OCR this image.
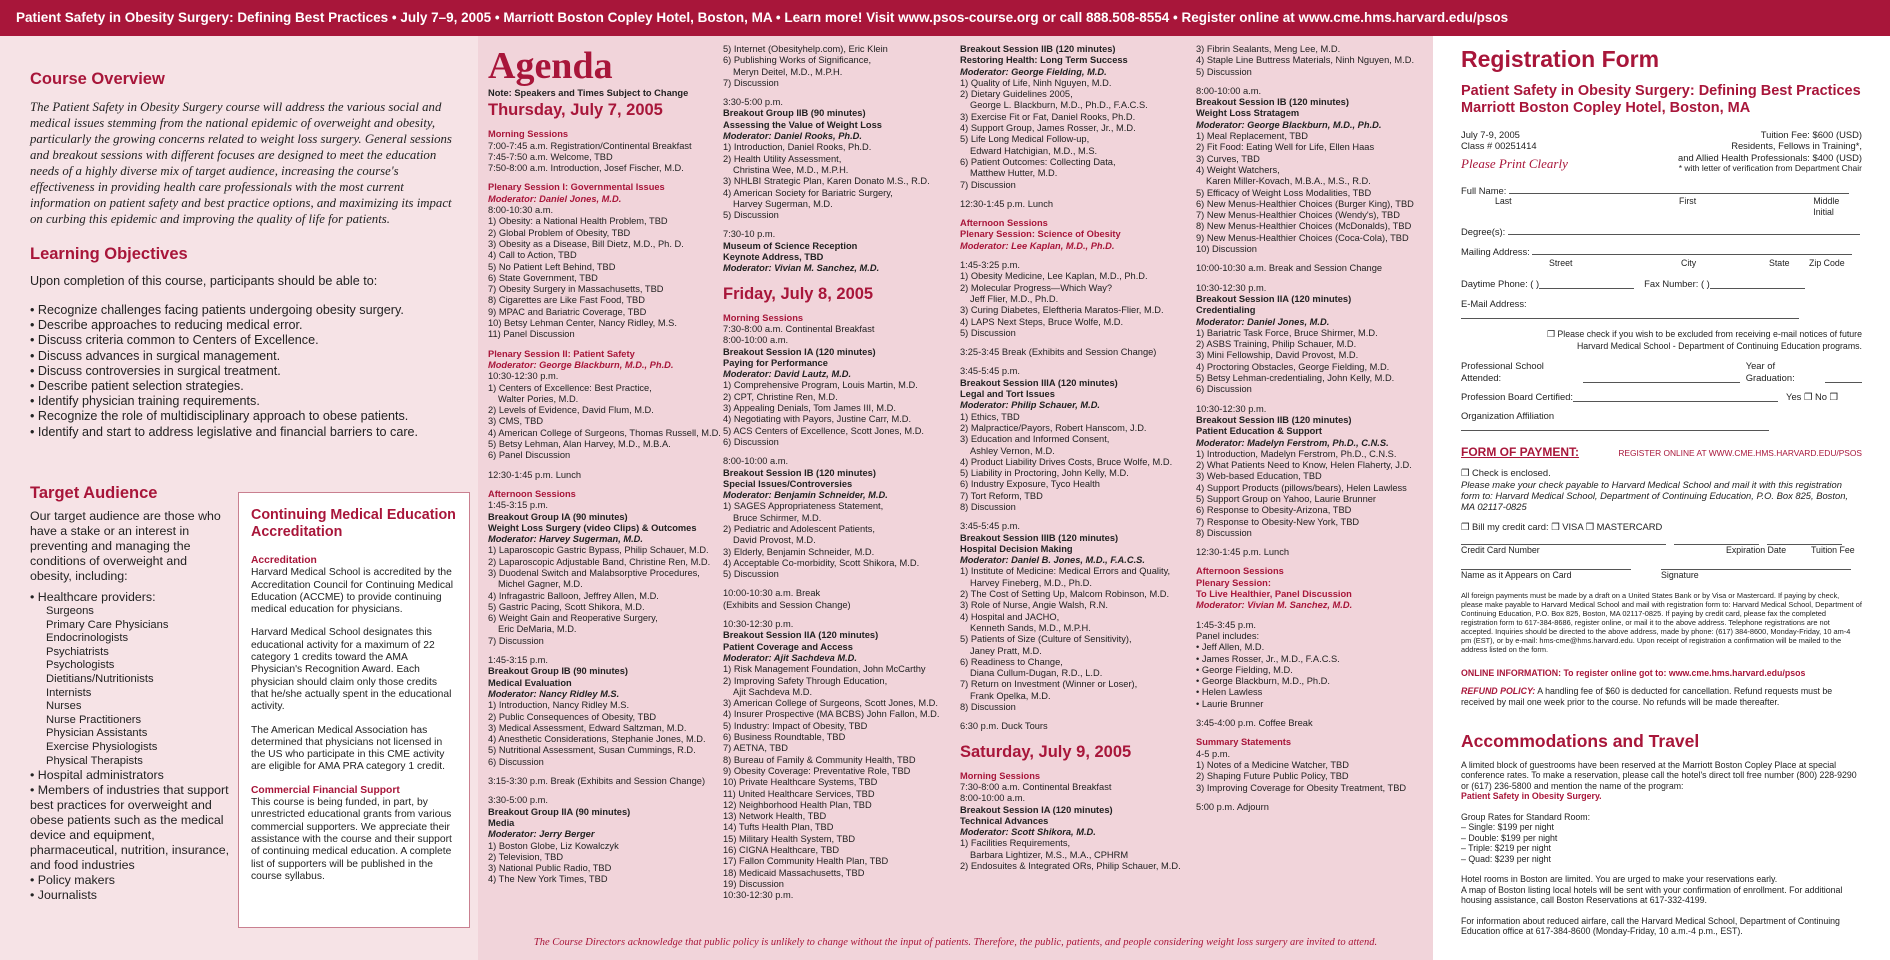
Patient Safety in Obesity Surgery: Defining Best Practices • July 7–9, 2005 • Marriott Boston Copley Hotel, Boston, MA • Learn more! Visit www.psos-course.org or call 888.508-8554 • Register online at www.cme.hms.harvard.edu/psos
Course Overview

The Patient Safety in Obesity Surgery course will address the various social and medical issues stemming from the national epidemic of overweight and obesity, particularly the growing concerns related to weight loss surgery. General sessions and breakout sessions with different focuses are designed to meet the education needs of a highly diverse mix of target audience, increasing the course's effectiveness in providing health care professionals with the most current information on patient safety and best practice options, and maximizing its impact on curbing this epidemic and improving the quality of life for patients.

Learning Objectives

Upon completion of this course, participants should be able to:

• Recognize challenges facing patients undergoing obesity surgery.
• Describe approaches to reducing medical error.
• Discuss criteria common to Centers of Excellence.
• Discuss advances in surgical management.
• Discuss controversies in surgical treatment.
• Describe patient selection strategies.
• Identify physician training requirements.
• Recognize the role of multidisciplinary approach to obese patients.
• Identify and start to address legislative and financial barriers to care.
Target Audience

Our target audience are those who have a stake or an interest in preventing and managing the conditions of overweight and obesity, including:

• Healthcare providers:
Surgeons
Primary Care Physicians
Endocrinologists
Psychiatrists
Psychologists
Dietitians/Nutritionists
Internists
Nurses
Nurse Practitioners
Physician Assistants
Exercise Physiologists
Physical Therapists
• Hospital administrators
• Members of industries that support best practices for overweight and obese patients such as the medical device and equipment, pharmaceutical, nutrition, insurance, and food industries
• Policy makers
• Journalists
Continuing Medical Education Accreditation

Accreditation

Harvard Medical School is accredited by the Accreditation Council for Continuing Medical Education (ACCME) to provide continuing medical education for physicians.

Harvard Medical School designates this educational activity for a maximum of 22 category 1 credits toward the AMA Physician's Recognition Award. Each physician should claim only those credits that he/she actually spent in the educational activity.

The American Medical Association has determined that physicians not licensed in the US who participate in this CME activity are eligible for AMA PRA category 1 credit.

Commercial Financial Support

This course is being funded, in part, by unrestricted educational grants from various commercial supporters. We appreciate their assistance with the course and their support of continuing medical education. A complete list of supporters will be published in the course syllabus.

Agenda
Note: Speakers and Times Subject to Change
Thursday, July 7, 2005
Morning Sessions
7:00-7:45 a.m. Registration/Continental Breakfast
7:45-7:50 a.m. Welcome, TBD
7:50-8:00 a.m. Introduction, Josef Fischer, M.D.
Plenary Session I: Governmental Issues
Moderator: Daniel Jones, M.D.
8:00-10:30 a.m.
1) Obesity: a National Health Problem, TBD
2) Global Problem of Obesity, TBD
3) Obesity as a Disease, Bill Dietz, M.D., Ph. D.
4) Call to Action, TBD
5) No Patient Left Behind, TBD
6) State Government, TBD
7) Obesity Surgery in Massachusetts, TBD
8) Cigarettes are Like Fast Food, TBD
9) MPAC and Bariatric Coverage, TBD
10) Betsy Lehman Center, Nancy Ridley, M.S.
11) Panel Discussion
Plenary Session II: Patient Safety
Moderator: George Blackburn, M.D., Ph.D.
10:30-12:30 p.m.
1) Centers of Excellence: Best Practice,
Walter Pories, M.D.
2) Levels of Evidence, David Flum, M.D.
3) CMS, TBD
4) American College of Surgeons, Thomas Russell, M.D.
5) Betsy Lehman, Alan Harvey, M.D., M.B.A.
6) Panel Discussion
12:30-1:45 p.m. Lunch
Afternoon Sessions
1:45-3:15 p.m.
Breakout Group IA (90 minutes)
Weight Loss Surgery (video Clips) & Outcomes
Moderator: Harvey Sugerman, M.D.
1) Laparoscopic Gastric Bypass, Philip Schauer, M.D.
2) Laparoscopic Adjustable Band, Christine Ren, M.D.
3) Duodenal Switch and Malabsorptive Procedures,
Michel Gagner, M.D.
4) Infragastric Balloon, Jeffrey Allen, M.D.
5) Gastric Pacing, Scott Shikora, M.D.
6) Weight Gain and Reoperative Surgery,
Eric DeMaria, M.D.
7) Discussion
1:45-3:15 p.m.
Breakout Group IB (90 minutes)
Medical Evaluation
Moderator: Nancy Ridley M.S.
1) Introduction, Nancy Ridley M.S.
2) Public Consequences of Obesity, TBD
3) Medical Assessment, Edward Saltzman, M.D.
4) Anesthetic Considerations, Stephanie Jones, M.D.
5) Nutritional Assessment, Susan Cummings, R.D.
6) Discussion
3:15-3:30 p.m. Break (Exhibits and Session Change)
3:30-5:00 p.m.
Breakout Group IIA (90 minutes)
Media
Moderator: Jerry Berger
1) Boston Globe, Liz Kowalczyk
2) Television, TBD
3) National Public Radio, TBD
4) The New York Times, TBD
5) Internet (Obesityhelp.com), Eric Klein
6) Publishing Works of Significance,
Meryn Deitel, M.D., M.P.H.
7) Discussion
3:30-5:00 p.m.
Breakout Group IIB (90 minutes)
Assessing the Value of Weight Loss
Moderator: Daniel Rooks, Ph.D.
1) Introduction, Daniel Rooks, Ph.D.
2) Health Utility Assessment,
Christina Wee, M.D., M.P.H.
3) NHLBI Strategic Plan, Karen Donato M.S., R.D.
4) American Society for Bariatric Surgery,
Harvey Sugerman, M.D.
5) Discussion
7:30-10 p.m.
Museum of Science Reception
Keynote Address, TBD
Moderator: Vivian M. Sanchez, M.D.
Friday, July 8, 2005
Morning Sessions
7:30-8:00 a.m. Continental Breakfast
8:00-10:00 a.m.
Breakout Session IA (120 minutes)
Paying for Performance
Moderator: David Lautz, M.D.
1) Comprehensive Program, Louis Martin, M.D.
2) CPT, Christine Ren, M.D.
3) Appealing Denials, Tom James III, M.D.
4) Negotiating with Payors, Justine Carr, M.D.
5) ACS Centers of Excellence, Scott Jones, M.D.
6) Discussion
8:00-10:00 a.m.
Breakout Session IB (120 minutes)
Special Issues/Controversies
Moderator: Benjamin Schneider, M.D.
1) SAGES Appropriateness Statement,
Bruce Schirmer, M.D.
2) Pediatric and Adolescent Patients,
David Provost, M.D.
3) Elderly, Benjamin Schneider, M.D.
4) Acceptable Co-morbidity, Scott Shikora, M.D.
5) Discussion
10:00-10:30 a.m. Break
(Exhibits and Session Change)
10:30-12:30 p.m.
Breakout Session IIA (120 minutes)
Patient Coverage and Access
Moderator: Ajit Sachdeva M.D.
1) Risk Management Foundation, John McCarthy
2) Improving Safety Through Education,
Ajit Sachdeva M.D.
3) American College of Surgeons, Scott Jones, M.D.
4) Insurer Prospective (MA BCBS) John Fallon, M.D.
5) Industry: Impact of Obesity, TBD
6) Business Roundtable, TBD
7) AETNA, TBD
8) Bureau of Family & Community Health, TBD
9) Obesity Coverage: Preventative Role, TBD
10) Private Healthcare Systems, TBD
11) United Healthcare Services, TBD
12) Neighborhood Health Plan, TBD
13) Network Health, TBD
14) Tufts Health Plan, TBD
15) Military Health System, TBD
16) CIGNA Healthcare, TBD
17) Fallon Community Health Plan, TBD
18) Medicaid Massachusetts, TBD
19) Discussion
10:30-12:30 p.m.
Breakout Session IIB (120 minutes)
Restoring Health: Long Term Success
Moderator: George Fielding, M.D.
1) Quality of Life, Ninh Nguyen, M.D.
2) Dietary Guidelines 2005,
George L. Blackburn, M.D., Ph.D., F.A.C.S.
3) Exercise Fit or Fat, Daniel Rooks, Ph.D.
4) Support Group, James Rosser, Jr., M.D.
5) Life Long Medical Follow-up,
Edward Hatchigian, M.D., M.S.
6) Patient Outcomes: Collecting Data,
Matthew Hutter, M.D.
7) Discussion
12:30-1:45 p.m. Lunch
Afternoon Sessions
Plenary Session: Science of Obesity
Moderator: Lee Kaplan, M.D., Ph.D.
1:45-3:25 p.m.
1) Obesity Medicine, Lee Kaplan, M.D., Ph.D.
2) Molecular Progress—Which Way?
Jeff Flier, M.D., Ph.D.
3) Curing Diabetes, Eleftheria Maratos-Flier, M.D.
4) LAPS Next Steps, Bruce Wolfe, M.D.
5) Discussion
3:25-3:45 Break (Exhibits and Session Change)
3:45-5:45 p.m.
Breakout Session IIIA (120 minutes)
Legal and Tort Issues
Moderator: Philip Schauer, M.D.
1) Ethics, TBD
2) Malpractice/Payors, Robert Hanscom, J.D.
3) Education and Informed Consent,
Ashley Vernon, M.D.
4) Product Liability Drives Costs, Bruce Wolfe, M.D.
5) Liability in Proctoring, John Kelly, M.D.
6) Industry Exposure, Tyco Health
7) Tort Reform, TBD
8) Discussion
3:45-5:45 p.m.
Breakout Session IIIB (120 minutes)
Hospital Decision Making
Moderator: Daniel B. Jones, M.D., F.A.C.S.
1) Institute of Medicine: Medical Errors and Quality,
Harvey Fineberg, M.D., Ph.D.
2) The Cost of Setting Up, Malcom Robinson, M.D.
3) Role of Nurse, Angie Walsh, R.N.
4) Hospital and JACHO,
Kenneth Sands, M.D., M.P.H.
5) Patients of Size (Culture of Sensitivity),
Janey Pratt, M.D.
6) Readiness to Change,
Diana Cullum-Dugan, R.D., L.D.
7) Return on Investment (Winner or Loser),
Frank Opelka, M.D.
8) Discussion
6:30 p.m. Duck Tours
Saturday, July 9, 2005
Morning Sessions
7:30-8:00 a.m. Continental Breakfast
8:00-10:00 a.m.
Breakout Session IA (120 minutes)
Technical Advances
Moderator: Scott Shikora, M.D.
1) Facilities Requirements,
Barbara Lightizer, M.S., M.A., CPHRM
2) Endosuites & Integrated ORs, Philip Schauer, M.D.
3) Fibrin Sealants, Meng Lee, M.D.
4) Staple Line Buttress Materials, Ninh Nguyen, M.D.
5) Discussion
8:00-10:00 a.m.
Breakout Session IB (120 minutes)
Weight Loss Stratagem
Moderator: George Blackburn, M.D., Ph.D.
1) Meal Replacement, TBD
2) Fit Food: Eating Well for Life, Ellen Haas
3) Curves, TBD
4) Weight Watchers,
Karen Miller-Kovach, M.B.A., M.S., R.D.
5) Efficacy of Weight Loss Modalities, TBD
6) New Menus-Healthier Choices (Burger King), TBD
7) New Menus-Healthier Choices (Wendy's), TBD
8) New Menus-Healthier Choices (McDonalds), TBD
9) New Menus-Healthier Choices (Coca-Cola), TBD
10) Discussion
10:00-10:30 a.m. Break and Session Change
10:30-12:30 p.m.
Breakout Session IIA (120 minutes)
Credentialing
Moderator: Daniel Jones, M.D.
1) Bariatric Task Force, Bruce Shirmer, M.D.
2) ASBS Training, Philip Schauer, M.D.
3) Mini Fellowship, David Provost, M.D.
4) Proctoring Obstacles, George Fielding, M.D.
5) Betsy Lehman-credentialing, John Kelly, M.D.
6) Discussion
10:30-12:30 p.m.
Breakout Session IIB (120 minutes)
Patient Education & Support
Moderator: Madelyn Ferstrom, Ph.D., C.N.S.
1) Introduction, Madelyn Ferstrom, Ph.D., C.N.S.
2) What Patients Need to Know, Helen Flaherty, J.D.
3) Web-based Education, TBD
4) Support Products (pillows/bears), Helen Lawless
5) Support Group on Yahoo, Laurie Brunner
6) Response to Obesity-Arizona, TBD
7) Response to Obesity-New York, TBD
8) Discussion
12:30-1:45 p.m. Lunch
Afternoon Sessions
Plenary Session:
To Live Healthier, Panel Discussion
Moderator: Vivian M. Sanchez, M.D.
1:45-3:45 p.m.
Panel includes:
• Jeff Allen, M.D.
• James Rosser, Jr., M.D., F.A.C.S.
• George Fielding, M.D.
• George Blackburn, M.D., Ph.D.
• Helen Lawless
• Laurie Brunner
3:45-4:00 p.m. Coffee Break
Summary Statements
4-5 p.m.
1) Notes of a Medicine Watcher, TBD
2) Shaping Future Public Policy, TBD
3) Improving Coverage for Obesity Treatment, TBD
5:00 p.m. Adjourn
The Course Directors acknowledge that public policy is unlikely to change without the input of patients. Therefore, the public, patients, and people considering weight loss surgery are invited to attend.
Registration Form
Patient Safety in Obesity Surgery: Defining Best Practices
Marriott Boston Copley Hotel, Boston, MA
July 7-9, 2005
Class # 00251414
Please Print Clearly
Tuition Fee: $600 (USD)
Residents, Fellows in Training*,
and Allied Health Professionals: $400 (USD)
* with letter of verification from Department Chair
Full Name:
Last	First	Middle Initial
Degree(s):
Mailing Address:
Street	City	State	Zip Code
Daytime Phone: ( )	Fax Number: ( )
E-Mail Address:
❒ Please check if you wish to be excluded from receiving e-mail notices of future
Harvard Medical School - Department of Continuing Education programs.
Professional School Attended:
Year of Graduation:
Profession Board Certified:	Yes ❒ No ❒
Organization Affiliation
FORM OF PAYMENT:	REGISTER ONLINE AT WWW.CME.HMS.HARVARD.EDU/PSOS
❒ Check is enclosed.
Please make your check payable to Harvard Medical School and mail it with this registration form to: Harvard Medical School, Department of Continuing Education, P.O. Box 825, Boston, MA 02117-0825
❒ Bill my credit card: ❒ VISA ❒ MASTERCARD
Credit Card Number	Expiration Date	Tuition Fee
Name as it Appears on Card	Signature
All foreign payments must be made by a draft on a United States Bank or by Visa or Mastercard. If paying by check, please make payable to Harvard Medical School and mail with registration form to: Harvard Medical School, Department of Continuing Education, P.O. Box 825, Boston, MA 02117-0825. If paying by credit card, please fax the completed registration form to 617-384-8686, register online, or mail it to the above address. Telephone registrations are not accepted. Inquiries should be directed to the above address, made by phone: (617) 384-8600, Monday-Friday, 10 am-4 pm (EST), or by e-mail: hms-cme@hms.harvard.edu. Upon receipt of registration a confirmation will be mailed to the address listed on the form.
ONLINE INFORMATION: To register online got to: www.cme.hms.harvard.edu/psos
REFUND POLICY: A handling fee of $60 is deducted for cancellation. Refund requests must be received by mail one week prior to the course. No refunds will be made thereafter.
Accommodations and Travel
A limited block of guestrooms have been reserved at the Marriott Boston Copley Place at special conference rates. To make a reservation, please call the hotel's direct toll free number (800) 228-9290 or (617) 236-5800 and mention the name of the program:
Patient Safety in Obesity Surgery.
Group Rates for Standard Room:
– Single: $199 per night
– Double: $199 per night
– Triple: $219 per night
– Quad: $239 per night
Hotel rooms in Boston are limited. You are urged to make your reservations early.
A map of Boston listing local hotels will be sent with your confirmation of enrollment. For additional housing assistance, call Boston Reservations at 617-332-4199.
For information about reduced airfare, call the Harvard Medical School, Department of Continuing Education office at 617-384-8600 (Monday-Friday, 10 a.m.-4 p.m., EST).
